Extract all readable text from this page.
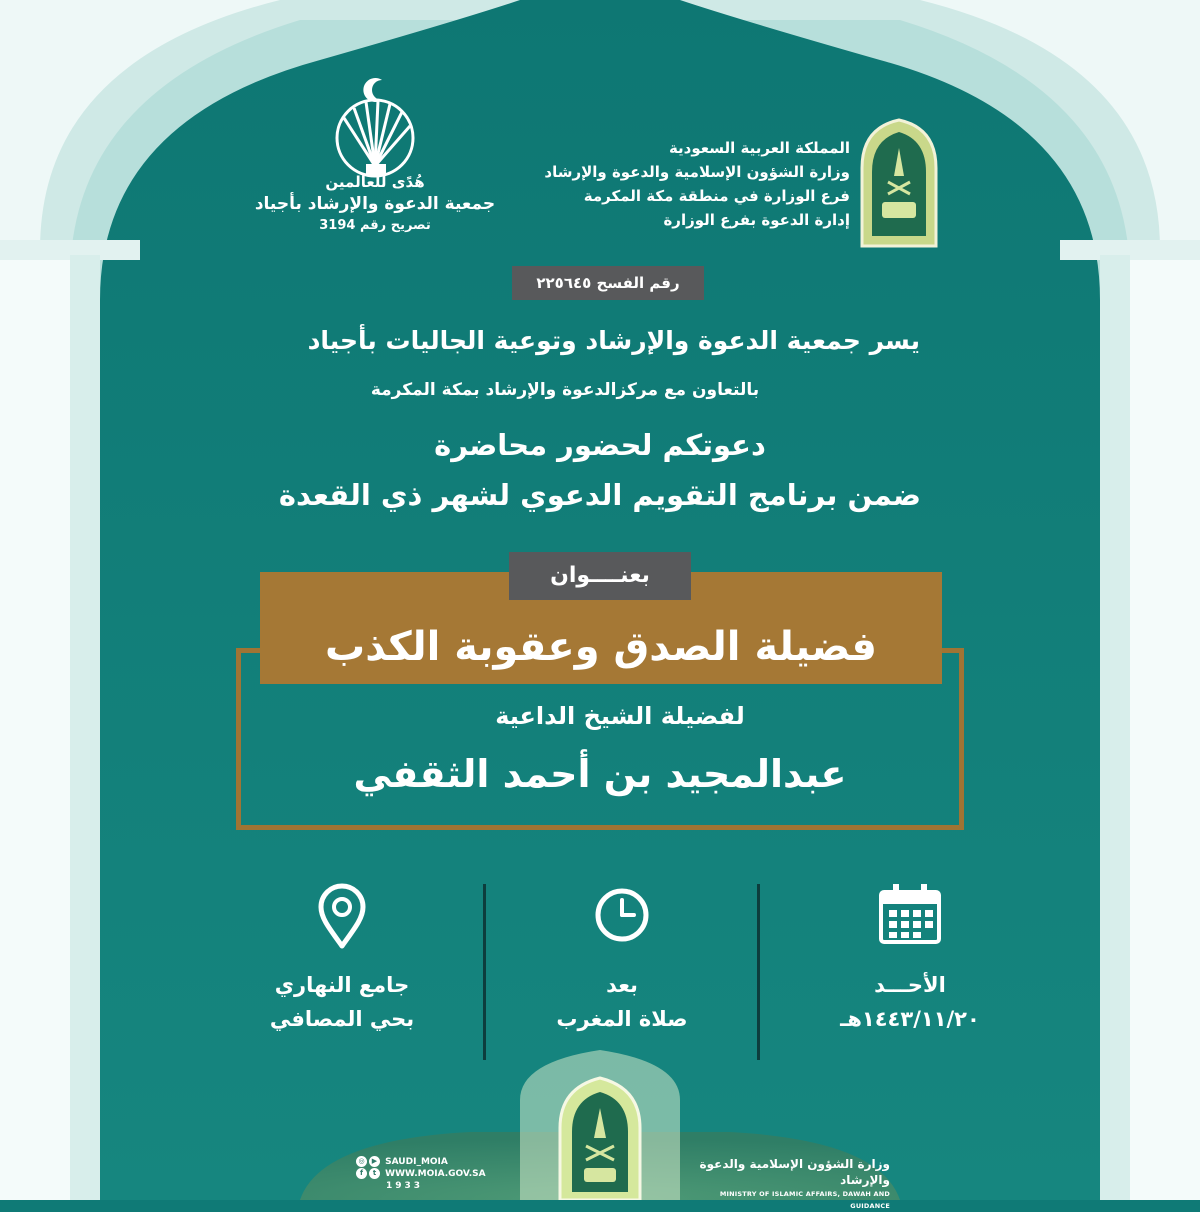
المملكة العربية السعودية
وزارة الشؤون الإسلامية والدعوة والإرشاد
فرع الوزارة في منطقة مكة المكرمة
إدارة الدعوة بفرع الوزارة
هُدًى للعالمين
جمعية الدعوة والإرشاد بأجياد
تصريح رقم 3194
رقم الفسح ٢٢٥٦٤٥
يسر جمعية الدعوة والإرشاد وتوعية الجاليات بأجياد
بالتعاون مع مركزالدعوة والإرشاد بمكة المكرمة
دعوتكم لحضور محاضرة
ضمن برنامج التقويم الدعوي لشهر ذي القعدة
بعنــــوان
فضيلة الصدق وعقوبة الكذب
لفضيلة الشيخ الداعية
عبدالمجيد بن أحمد الثقفي
الأحـــد
١٤٤٣/١١/٢٠هـ
بعد
صلاة المغرب
جامع النهاري
بحي المصافي
وزارة الشؤون الإسلامية والدعوة والإرشاد
MINISTRY OF ISLAMIC AFFAIRS, DAWAH AND GUIDANCE
◎ ▶ SAUDI_MOIA
f t WWW.MOIA.GOV.SA
1933
